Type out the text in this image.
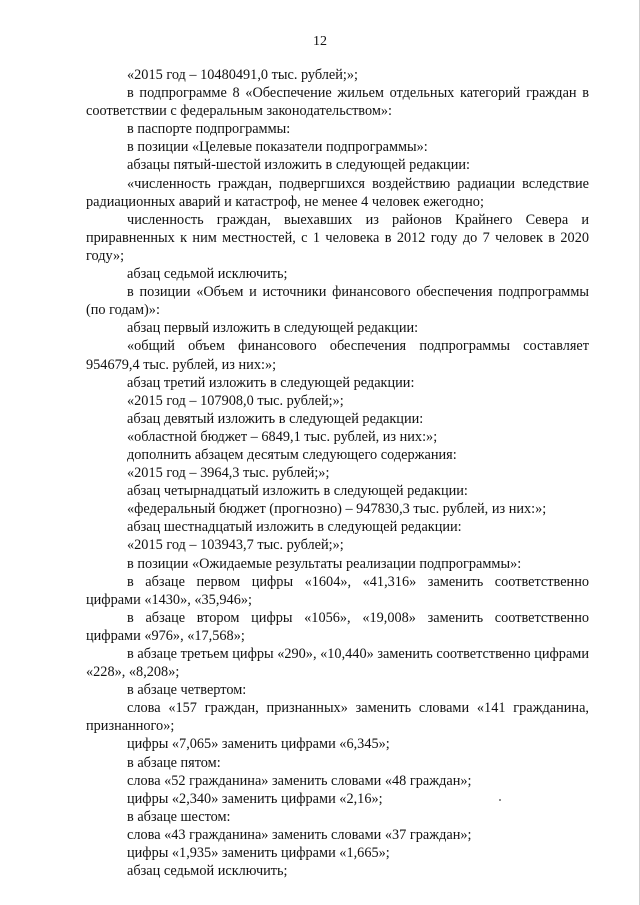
12

«2015 год – 10480491,0 тыс. рублей;»;

в подпрограмме 8 «Обеспечение жильем отдельных категорий граждан в соответствии с федеральным законодательством»:

в паспорте подпрограммы:

в позиции «Целевые показатели подпрограммы»:

абзацы пятый-шестой изложить в следующей редакции:

«численность граждан, подвергшихся воздействию радиации вследствие радиационных аварий и катастроф, не менее 4 человек ежегодно;

численность граждан, выехавших из районов Крайнего Севера и приравненных к ним местностей, с 1 человека в 2012 году до 7 человек в 2020 году»;

абзац седьмой исключить;

в позиции «Объем и источники финансового обеспечения подпрограммы (по годам)»:

абзац первый изложить в следующей редакции:

«общий объем финансового обеспечения подпрограммы составляет 954679,4 тыс. рублей, из них:»;

абзац третий изложить в следующей редакции:

«2015 год – 107908,0 тыс. рублей;»;

абзац девятый изложить в следующей редакции:

«областной бюджет – 6849,1 тыс. рублей, из них:»;

дополнить абзацем десятым следующего содержания:

«2015 год – 3964,3 тыс. рублей;»;

абзац четырнадцатый изложить в следующей редакции:

«федеральный бюджет (прогнозно) – 947830,3 тыс. рублей, из них:»;

абзац шестнадцатый изложить в следующей редакции:

«2015 год – 103943,7 тыс. рублей;»;

в позиции «Ожидаемые результаты реализации подпрограммы»:

в абзаце первом цифры «1604», «41,316» заменить соответственно цифрами «1430», «35,946»;

в абзаце втором цифры «1056», «19,008» заменить соответственно цифрами «976», «17,568»;

в абзаце третьем цифры «290», «10,440» заменить соответственно цифрами «228», «8,208»;

в абзаце четвертом:

слова «157 граждан, признанных» заменить словами «141 гражданина, признанного»;

цифры «7,065» заменить цифрами «6,345»;

в абзаце пятом:

слова «52 гражданина» заменить словами «48 граждан»;

цифры «2,340» заменить цифрами «2,16»;

в абзаце шестом:

слова «43 гражданина» заменить словами «37 граждан»;

цифры «1,935» заменить цифрами «1,665»;

абзац седьмой исключить;
